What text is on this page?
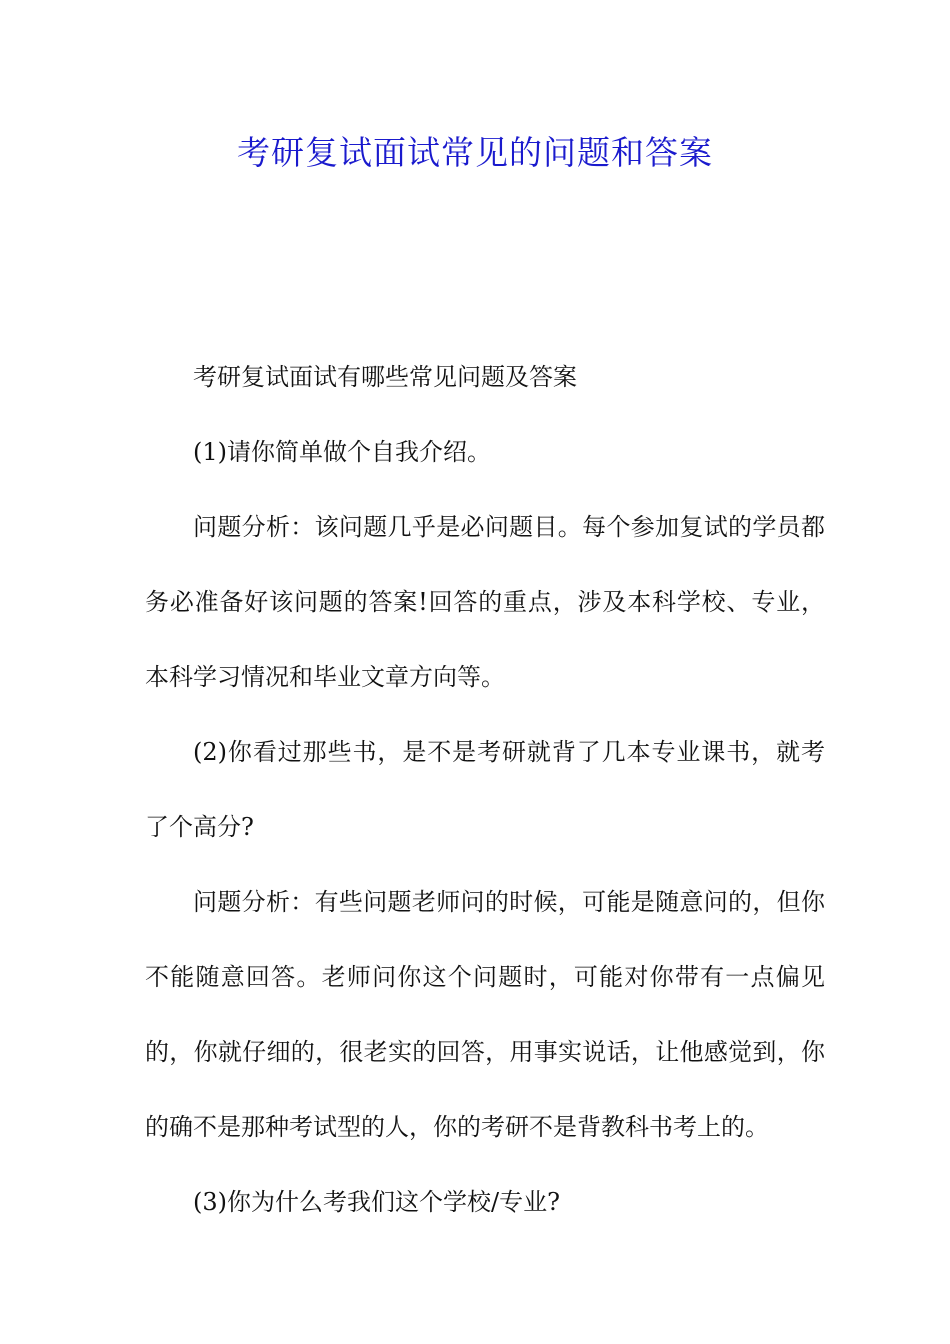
考研复试面试常见的问题和答案

考研复试面试有哪些常见问题及答案

(1)请你简单做个自我介绍。

问题分析：该问题几乎是必问题目。每个参加复试的学员都务必准备好该问题的答案!回答的重点，涉及本科学校、专业，本科学习情况和毕业文章方向等。

(2)你看过那些书，是不是考研就背了几本专业课书，就考了个高分?

问题分析：有些问题老师问的时候，可能是随意问的，但你不能随意回答。老师问你这个问题时，可能对你带有一点偏见的，你就仔细的，很老实的回答，用事实说话，让他感觉到，你的确不是那种考试型的人，你的考研不是背教科书考上的。

(3)你为什么考我们这个学校/专业?
